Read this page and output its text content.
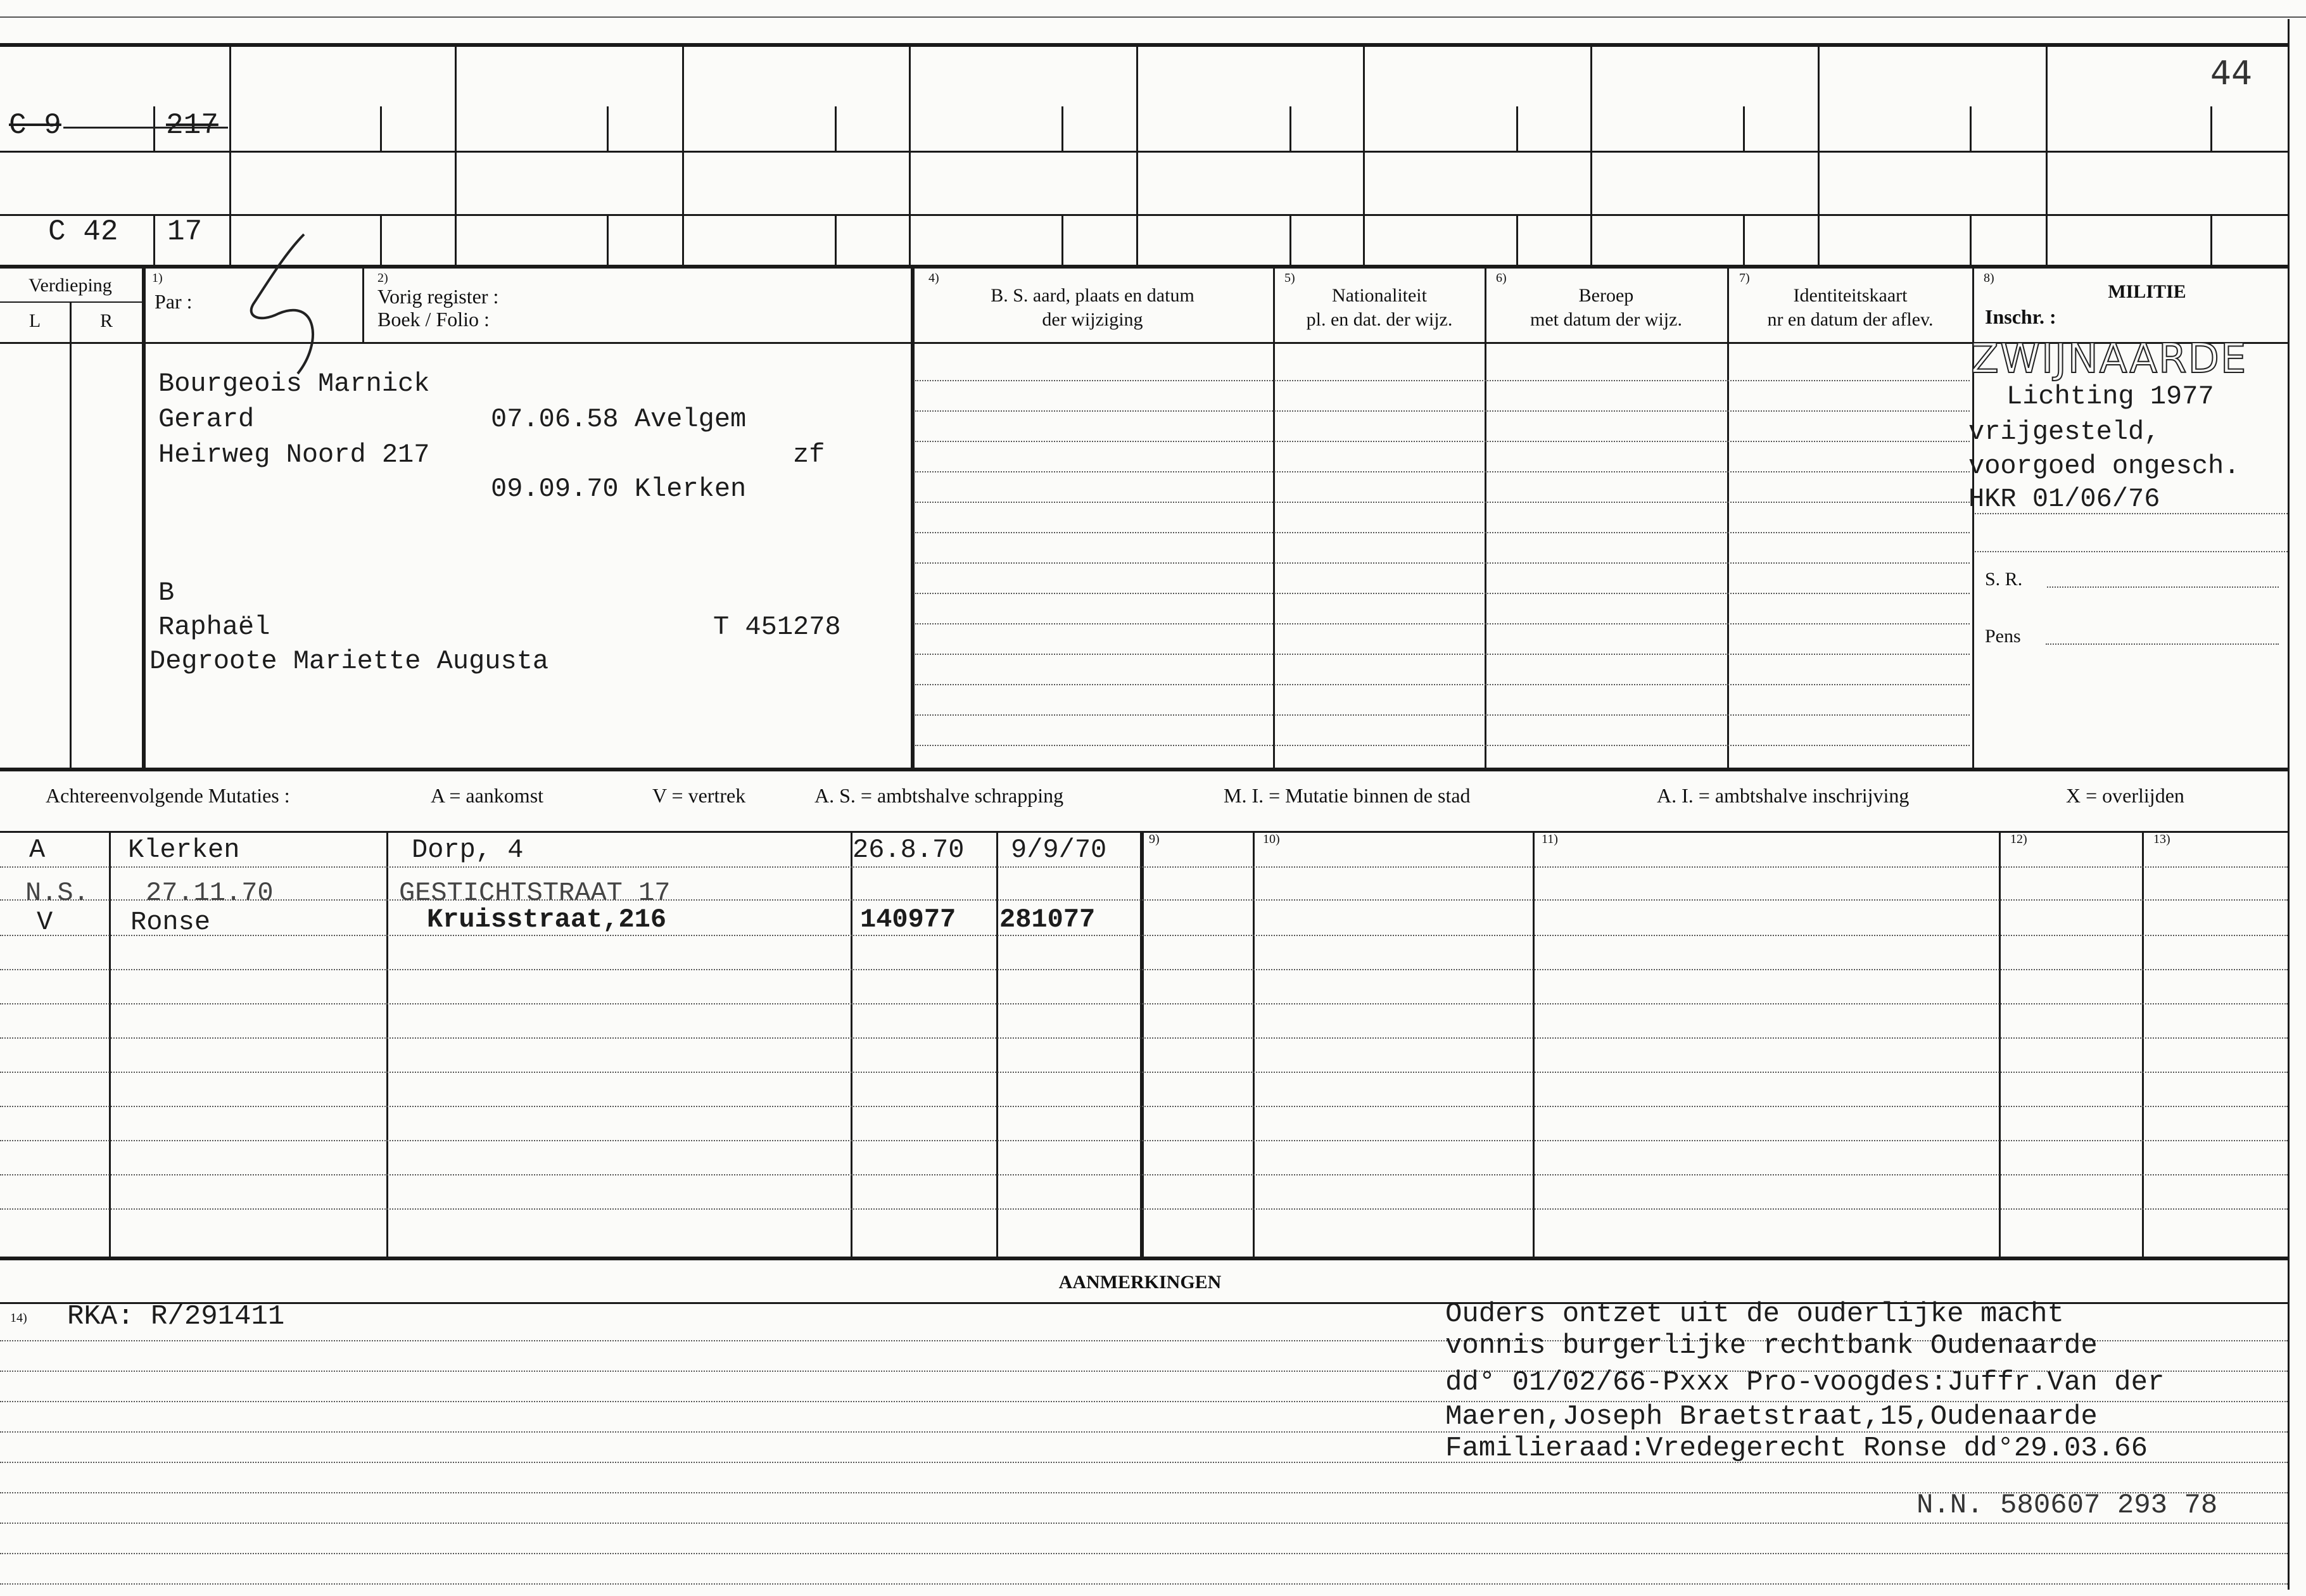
44
C 9	217
C 42 17
Verdieping
L	R
1)
Par :
2)
Vorig register :
Boek / Folio :
4)
B. S. aard, plaats en datum
der wijziging
5)
Nationaliteit
pl. en dat. der wijz.
6)
Beroep
met datum der wijz.
7)
Identiteitskaart
nr en datum der aflev.
8)
MILITIE
Inschr. :
Bourgeois Marnick
Gerard	07.06.58 Avelgem
Heirweg Noord 217	zf
09.09.70 Klerken
B
Raphaël	T 451278
Degroote Mariette Augusta
ZWIJNAARDE
Lichting 1977
vrijgesteld,
voorgoed ongesch.
HKR 01/06/76
S. R.
Pens
Achtereenvolgende Mutaties :	A = aankomst	V = vertrek	A. S. = ambtshalve schrapping	M. I. = Mutatie binnen de stad	A. I. = ambtshalve inschrijving	X = overlijden
9)	10)	11)	12)	13)
A	Klerken	Dorp, 4	26.8.70 9/9/70
N.S. 27.11.70	GESTICHTSTRAAT 17
V	Ronse	Kruisstraat,216	140977 281077
AANMERKINGEN
14) RKA: R/291411	Ouders ontzet uit de ouderlijke macht
vonnis burgerlijke rechtbank Oudenaarde
dd° 01/02/66-Pxxx Pro-voogdes:Juffr.Van der
Maeren,Joseph Braetstraat,15,Oudenaarde
Familieraad:Vredegerecht Ronse dd°29.03.66
N.N. 580607 293 78
